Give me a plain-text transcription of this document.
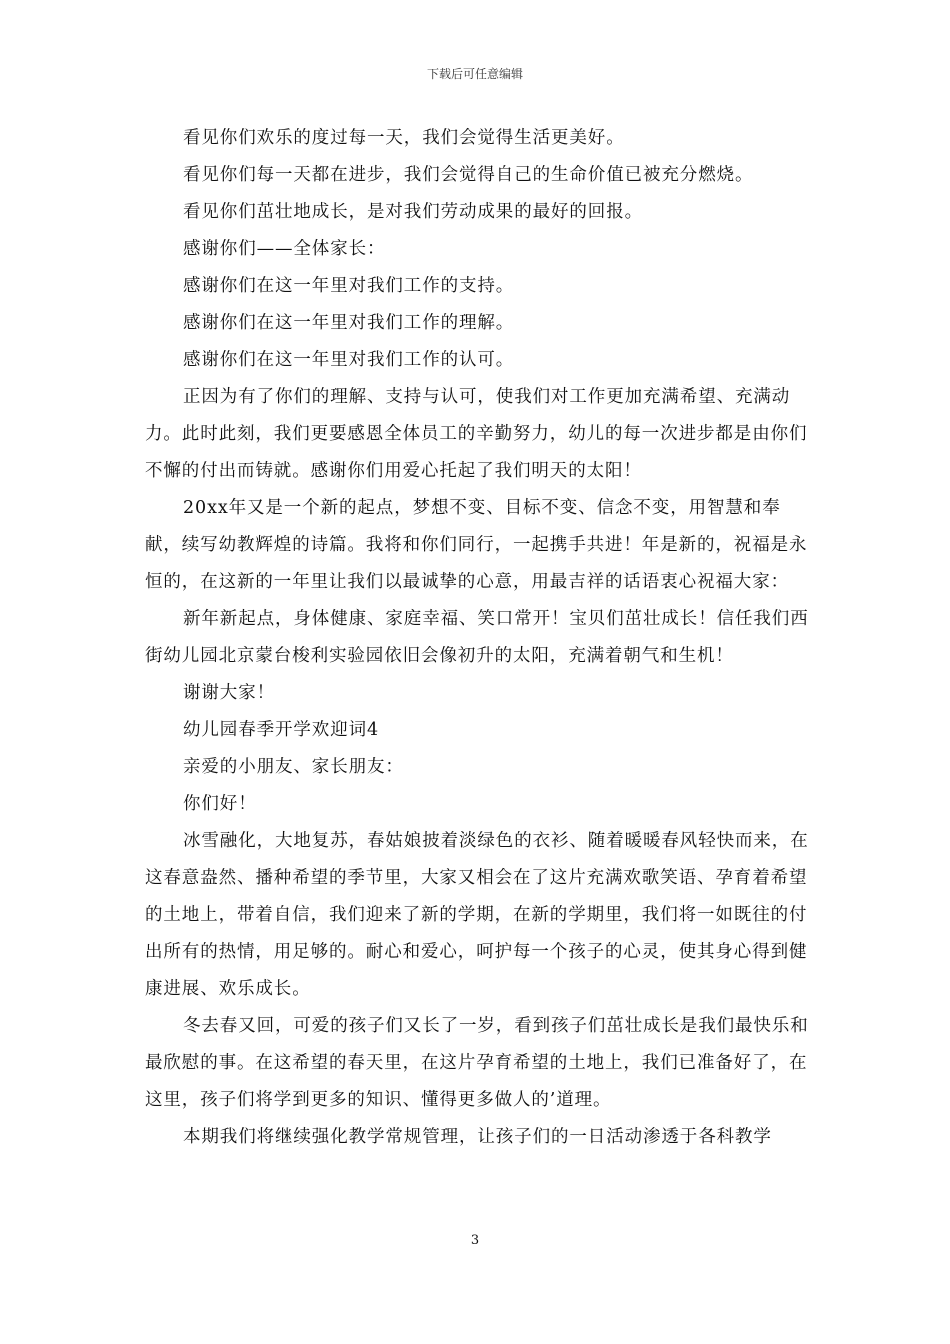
下载后可任意编辑

看见你们欢乐的度过每一天，我们会觉得生活更美好。

看见你们每一天都在进步，我们会觉得自己的生命价值已被充分燃烧。

看见你们茁壮地成长，是对我们劳动成果的最好的回报。

感谢你们——全体家长：

感谢你们在这一年里对我们工作的支持。

感谢你们在这一年里对我们工作的理解。

感谢你们在这一年里对我们工作的认可。

正因为有了你们的理解、支持与认可，使我们对工作更加充满希望、充满动力。此时此刻，我们更要感恩全体员工的辛勤努力，幼儿的每一次进步都是由你们不懈的付出而铸就。感谢你们用爱心托起了我们明天的太阳！

20xx年又是一个新的起点，梦想不变、目标不变、信念不变，用智慧和奉献，续写幼教辉煌的诗篇。我将和你们同行，一起携手共进！年是新的，祝福是永恒的，在这新的一年里让我们以最诚挚的心意，用最吉祥的话语衷心祝福大家：

新年新起点，身体健康、家庭幸福、笑口常开！宝贝们茁壮成长！信任我们西街幼儿园北京蒙台梭利实验园依旧会像初升的太阳，充满着朝气和生机！

谢谢大家！

幼儿园春季开学欢迎词4

亲爱的小朋友、家长朋友：

你们好！

冰雪融化，大地复苏，春姑娘披着淡绿色的衣衫、随着暖暖春风轻快而来，在这春意盎然、播种希望的季节里，大家又相会在了这片充满欢歌笑语、孕育着希望的土地上，带着自信，我们迎来了新的学期，在新的学期里，我们将一如既往的付出所有的热情，用足够的。耐心和爱心，呵护每一个孩子的心灵，使其身心得到健康进展、欢乐成长。

冬去春又回，可爱的孩子们又长了一岁，看到孩子们茁壮成长是我们最快乐和最欣慰的事。在这希望的春天里，在这片孕育希望的土地上，我们已准备好了，在这里，孩子们将学到更多的知识、懂得更多做人的’道理。

本期我们将继续强化教学常规管理，让孩子们的一日活动渗透于各科教学

3
